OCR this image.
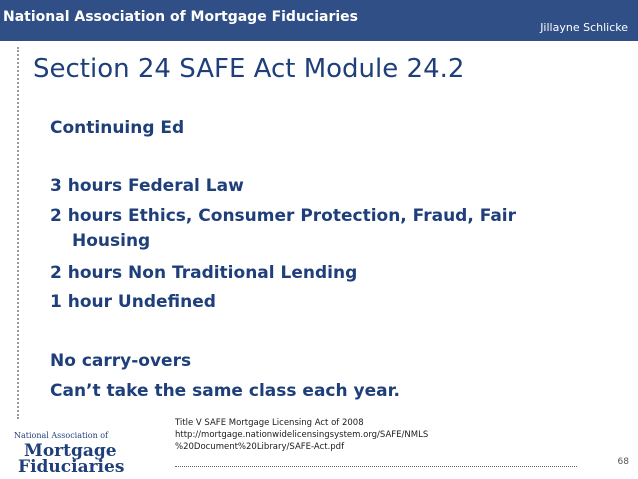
National Association of Mortgage Fiduciaries
Jillayne Schlicke
Section 24 SAFE Act Module 24.2
Continuing Ed
3 hours Federal Law
2 hours Ethics, Consumer Protection, Fraud, Fair
Housing
2 hours Non Traditional Lending
1 hour Undefined
No carry-overs
Can’t take the same class each year.
Title V SAFE Mortgage Licensing Act of 2008
http://mortgage.nationwidelicensingsystem.org/SAFE/NMLS
%20Document%20Library/SAFE-Act.pdf
National Association of
Mortgage
Fiduciaries	68
